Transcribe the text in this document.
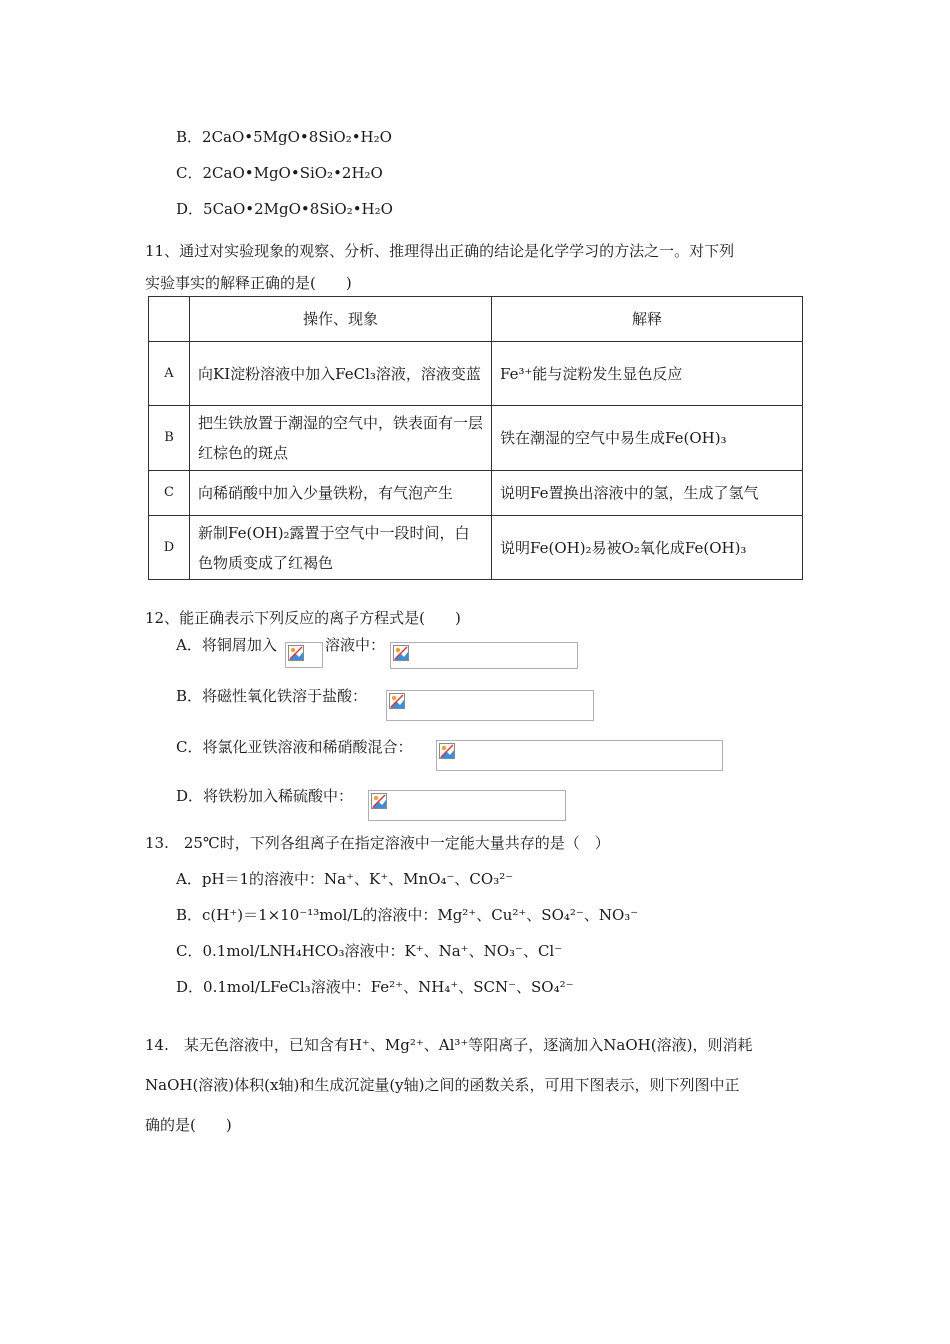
B．2CaO•5MgO•8SiO₂•H₂O
C．2CaO•MgO•SiO₂•2H₂O
D．5CaO•2MgO•8SiO₂•H₂O
11、通过对实验现象的观察、分析、推理得出正确的结论是化学学习的方法之一。对下列
实验事实的解释正确的是(　　)
	操作、现象	解释
A	向KI淀粉溶液中加入FeCl₃溶液，溶液变蓝	Fe³⁺能与淀粉发生显色反应
B	把生铁放置于潮湿的空气中，铁表面有一层红棕色的斑点	铁在潮湿的空气中易生成Fe(OH)₃
C	向稀硝酸中加入少量铁粉，有气泡产生	说明Fe置换出溶液中的氢，生成了氢气
D	新制Fe(OH)₂露置于空气中一段时间，白色物质变成了红褐色	说明Fe(OH)₂易被O₂氧化成Fe(OH)₃
12、能正确表示下列反应的离子方程式是(　　)
A．将铜屑加入	溶液中：
B．将磁性氧化铁溶于盐酸：
C．将氯化亚铁溶液和稀硝酸混合：
D．将铁粉加入稀硫酸中：
13.　25℃时，下列各组离子在指定溶液中一定能大量共存的是（　）
A．pH＝1的溶液中：Na⁺、K⁺、MnO₄⁻、CO₃²⁻
B．c(H⁺)＝1×10⁻¹³mol/L的溶液中：Mg²⁺、Cu²⁺、SO₄²⁻、NO₃⁻
C．0.1mol/LNH₄HCO₃溶液中：K⁺、Na⁺、NO₃⁻、Cl⁻
D．0.1mol/LFeCl₃溶液中：Fe²⁺、NH₄⁺、SCN⁻、SO₄²⁻
14.　某无色溶液中，已知含有H⁺、Mg²⁺、Al³⁺等阳离子，逐滴加入NaOH(溶液)，则消耗
NaOH(溶液)体积(x轴)和生成沉淀量(y轴)之间的函数关系，可用下图表示，则下列图中正
确的是(　　)
